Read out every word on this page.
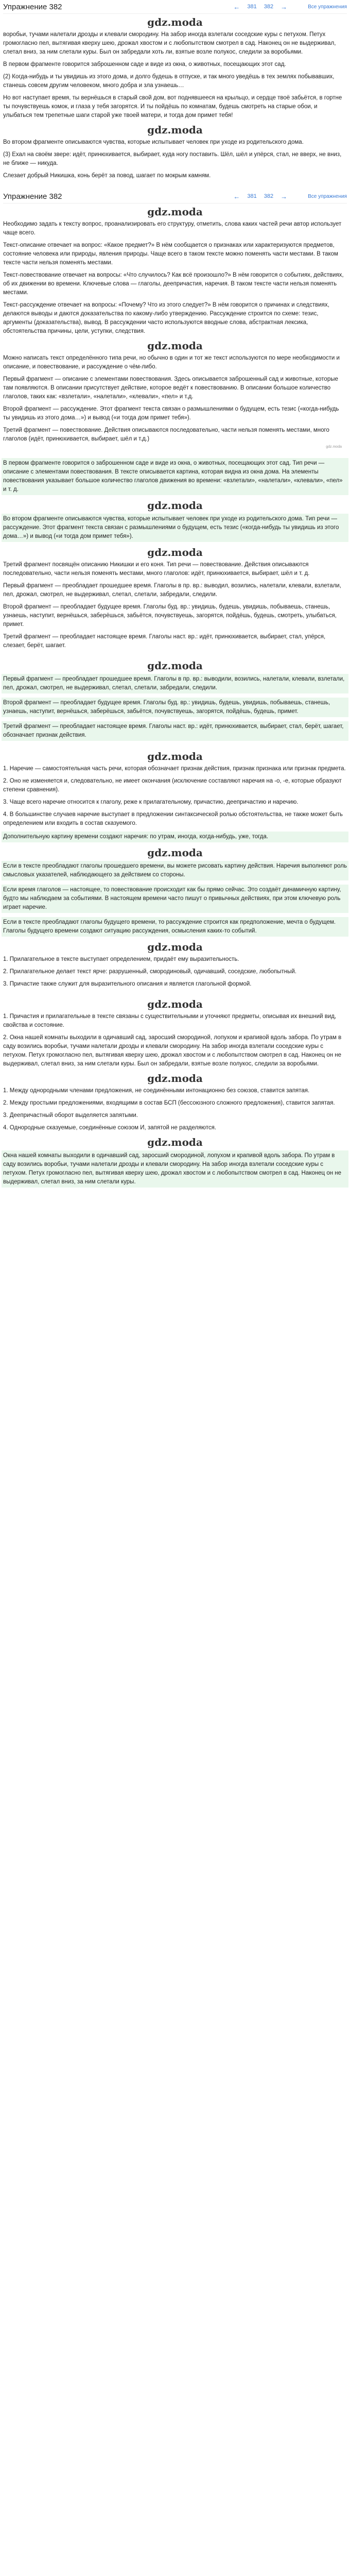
Упражнение 382	← 381 382 →	Все упражнения
gdz.moda

воробьи, тучами налетали дрозды и клевали смородину. На забор иногда взлетали соседские куры с петухом. Петух громогласно пел, вытягивая кверху шею, дрожал хвостом и с любопытством смотрел в сад. Наконец он не выдерживал, слетал вниз, за ним слетали куры. Был он забредали хоть ли, взятые возле полукос, следили за воробьями.

В первом фрагменте говорится заброшенном саде и виде из окна, о животных, посещающих этот сад.

(2) Когда-нибудь и ты увидишь из этого дома, и долго будешь в отпуске, и так много уведёшь в тех землях побывавших, станешь совсем другим человеком, много добра и зла узнаешь…

Но вот наступает время, ты вернёшься в старый свой дом, вот поднявшееся на крыльцо, и сердце твоё забьётся, в гортне ты почувствуешь комок, и глаза у тебя загорятся. И ты пойдёшь по комнатам, будешь смотреть на старые обои, и улыбаться тем трепетные шаги старой уже твоей матери, и тогда дом примет тебя!

gdz.moda

Во втором фрагменте описываются чувства, которые испытывает человек при уходе из родительского дома.

(3) Ехал на своём звере: идёт, принюхивается, выбирает, куда ногу поставить. Шёл, шёл и упёрся, стал, не вверх, не вниз, не ближе — никуда.

Слезает добрый Никишка, конь берёт за повод, шагает по мокрым камням.

Упражнение 382	← 381 382 →	Все упражнения
gdz.moda

Необходимо задать к тексту вопрос, проанализировать его структуру, отметить, слова каких частей речи автор использует чаще всего.

Текст-описание отвечает на вопрос: «Какое предмет?» В нём сообщается о признаках или характеризуются предметов, состояние человека или природы, явления природы. Чаще всего в таком тексте можно поменять части местами. В таком тексте части нельзя поменять местами.

Текст-повествование отвечает на вопросы: «Что случилось? Как всё произошло?» В нём говорится о событиях, действиях, об их движении во времени. Ключевые слова — глаголы, деепричастия, наречия. В таком тексте части нельзя поменять местами.

Текст-рассуждение отвечает на вопросы: «Почему? Что из этого следует?» В нём говорится о причинах и следствиях, делаются выводы и даются доказательства по какому-либо утверждению. Рассуждение строится по схеме: тезис, аргументы (доказательства), вывод. В рассуждении часто используются вводные слова, абстрактная лексика, обстоятельства причины, цели, уступки, следствия.

gdz.moda

Можно написать текст определённого типа речи, но обычно в один и тот же текст используются по мере необходимости и описание, и повествование, и рассуждение о чём-либо.

Первый фрагмент — описание с элементами повествования. Здесь описывается заброшенный сад и животные, которые там появляются. В описании присутствует действие, которое ведёт к повествованию. В описании большое количество глаголов, таких как: «взлетали», «налетали», «клевали», «пел» и т.д.

Второй фрагмент — рассуждение. Этот фрагмент текста связан о размышлениями о будущем, есть тезис («когда-нибудь ты увидишь из этого дома…») и вывод («и тогда дом примет тебя»).

Третий фрагмент — повествование. Действия описываются последовательно, части нельзя поменять местами, много глаголов (идёт, принюхивается, выбирает, шёл и т.д.)

gdz.moda

В первом фрагменте говорится о заброшенном саде и виде из окна, о животных, посещающих этот сад. Тип речи — описание с элементами повествования. В тексте описывается картина, которая видна из окна дома. На элементы повествования указывает большое количество глаголов движения во времени: «взлетали», «налетали», «клевали», «пел» и т. д.

gdz.moda

Во втором фрагменте описываются чувства, которые испытывает человек при уходе из родительского дома. Тип речи — рассуждение. Этот фрагмент текста связан с размышлениями о будущем, есть тезис («когда-нибудь ты увидишь из этого дома…») и вывод («и тогда дом примет тебя»).

gdz.moda

Третий фрагмент посвящён описанию Никишки и его коня. Тип речи — повествование. Действия описываются последовательно, части нельзя поменять местами, много глаголов: идёт, принюхивается, выбирает, шёл и т. д.

Первый фрагмент — преобладает прошедшее время. Глаголы в пр. вр.: выводил, возились, налетали, клевали, взлетали, пел, дрожал, смотрел, не выдерживал, слетал, слетали, забредали, следили.

Второй фрагмент — преобладает будущее время. Глаголы буд. вр.: увидишь, будешь, увидишь, побываешь, станешь, узнаешь, наступит, вернёшься, заберёшься, забьётся, почувствуешь, загорятся, пойдёшь, будешь, смотреть, улыбаться, примет.

Третий фрагмент — преобладает настоящее время. Глаголы наст. вр.: идёт, принюхивается, выбирает, стал, упёрся, слезает, берёт, шагает.

gdz.moda

Первый фрагмент — преобладает прошедшее время. Глаголы в пр. вр.: выводили, возились, налетали, клевали, взлетали, пел, дрожал, смотрел, не выдерживал, слетал, слетали, забредали, следили.

Второй фрагмент — преобладает будущее время. Глаголы буд. вр.: увидишь, будешь, увидишь, побываешь, станешь, узнаешь, наступит, вернёшься, заберёшься, забьётся, почувствуешь, загорятся, пойдёшь, будешь, примет.

Третий фрагмент — преобладает настоящее время. Глаголы наст. вр.: идёт, принюхивается, выбирает, стал, берёт, шагает, обозначает признак действия.

gdz.moda

1. Наречие — самостоятельная часть речи, которая обозначает признак действия, признак признака или признак предмета.

2. Оно не изменяется и, следовательно, не имеет окончания (исключение составляют наречия на -о, -е, которые образуют степени сравнения).

3. Чаще всего наречие относится к глаголу, реже к прилагательному, причастию, деепричастию и наречию.

4. В большинстве случаев наречие выступает в предложении синтаксической ролью обстоятельства, не также может быть определением или входить в состав сказуемого.

Дополнительную картину времени создают наречия: по утрам, иногда, когда-нибудь, уже, тогда.

gdz.moda

Если в тексте преобладают глаголы прошедшего времени, вы можете рисовать картину действия. Наречия выполняют роль смысловых указателей, наблюдающего за действием со стороны.

Если время глаголов — настоящее, то повествование происходит как бы прямо сейчас. Это создаёт динамичную картину, будто мы наблюдаем за событиями. В настоящем времени часто пишут о привычных действиях, при этом ключевую роль играет наречие.

Если в тексте преобладают глаголы будущего времени, то рассуждение строится как предположение, мечта о будущем. Глаголы будущего времени создают ситуацию рассуждения, осмысления каких-то событий.

gdz.moda

1. Прилагательное в тексте выступает определением, придаёт ему выразительность.

2. Прилагательное делает текст ярче: разрушенный, смородиновый, одичавший, соседские, любопытный.

3. Причастие также служит для выразительного описания и является глагольной формой.

gdz.moda

1. Причастия и прилагательные в тексте связаны с существительными и уточняют предметы, описывая их внешний вид, свойства и состояние.

2. Окна нашей комнаты выходили в одичавший сад, заросший смородиной, лопухом и крапивой вдоль забора. По утрам в саду возились воробьи, тучами налетали дрозды и клевали смородину. На забор иногда взлетали соседские куры с петухом. Петух громогласно пел, вытягивая кверху шею, дрожал хвостом и с любопытством смотрел в сад. Наконец он не выдерживал, слетал вниз, за ним слетали куры. Был он забредали, взятые возле полукос, следили за воробьями.

gdz.moda

1. Между однородными членами предложения, не соединёнными интонационно без союзов, ставится запятая.

2. Между простыми предложениями, входящими в состав БСП (бессоюзного сложного предложения), ставится запятая.

3. Деепричастный оборот выделяется запятыми.

4. Однородные сказуемые, соединённые союзом И, запятой не разделяются.

gdz.moda

Окна нашей комнаты выходили в одичавший сад, заросший смородиной, лопухом и крапивой вдоль забора. По утрам в саду возились воробьи, тучами налетали дрозды и клевали смородину. На забор иногда взлетали соседские куры с петухом. Петух громогласно пел, вытягивая кверху шею, дрожал хвостом и с любопытством смотрел в сад. Наконец он не выдерживал, слетал вниз, за ним слетали куры.
